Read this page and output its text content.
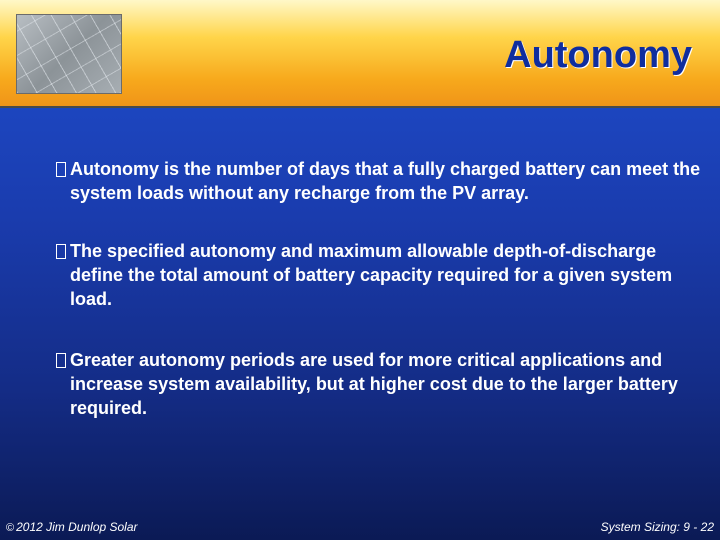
Autonomy
Autonomy is the number of days that a fully charged battery can meet the system loads without any recharge from the PV array.
The specified autonomy and maximum allowable depth-of-discharge define the total amount of battery capacity required for a given system load.
Greater autonomy periods are used for more critical applications and increase system availability, but at higher cost due to the larger battery required.
© 2012 Jim Dunlop Solar	System Sizing: 9 - 22
